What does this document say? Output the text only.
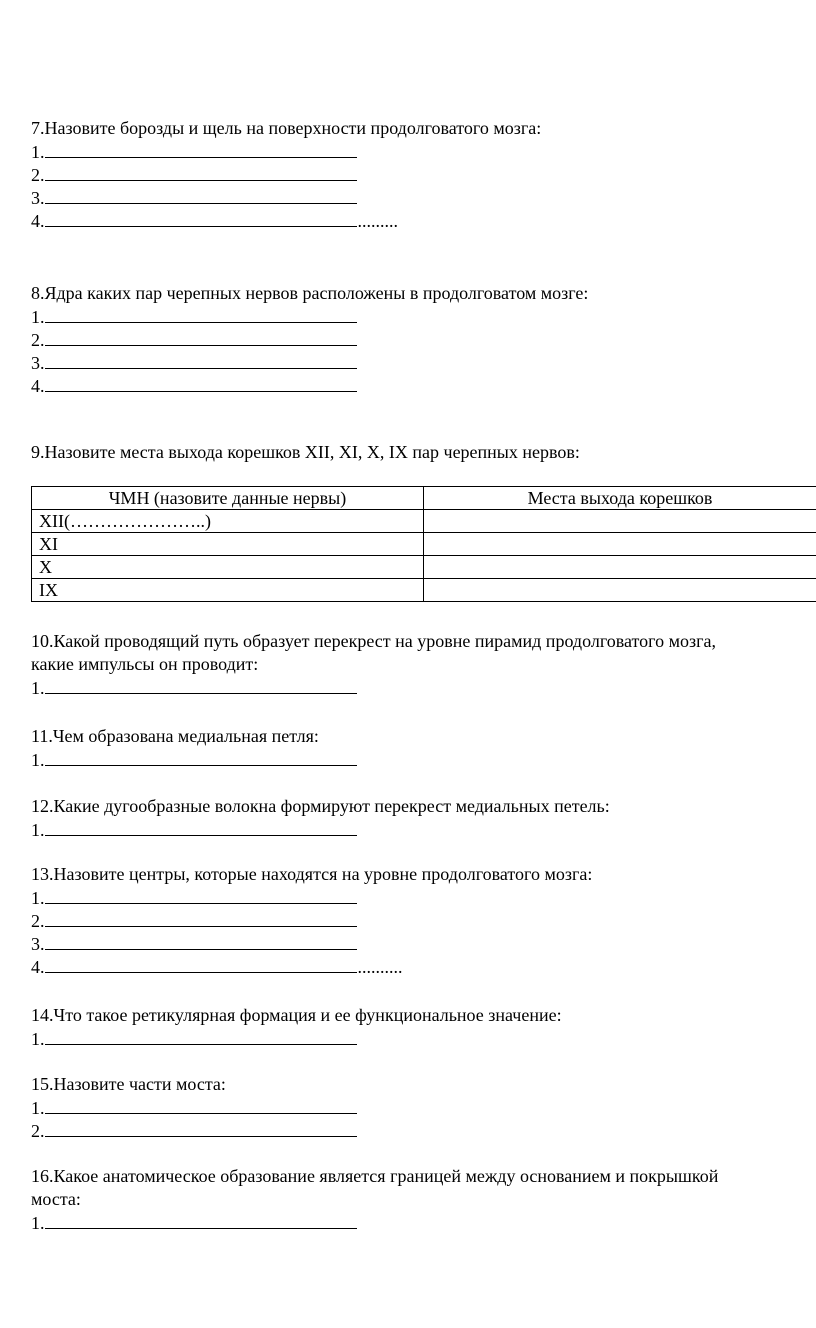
7.Назовите борозды и щель на поверхности продолговатого мозга:
1.
2.
3.
4.	.........
8.Ядра каких пар черепных нервов расположены в продолговатом мозге:
1.
2.
3.
4.
9.Назовите места выхода корешков XII, XI, X, IX пар черепных нервов:
ЧМН (назовите данные нервы)	Места выхода корешков
XII(…………………..)	
XI	
X	
IX	
10.Какой проводящий путь образует перекрест на уровне пирамид продолговатого мозга,
какие импульсы он проводит:
1.
11.Чем образована медиальная петля:
1.
12.Какие дугообразные волокна формируют перекрест медиальных петель:
1.
13.Назовите центры, которые находятся на уровне продолговатого мозга:
1.
2.
3.
4.	..........
14.Что такое ретикулярная формация и ее функциональное значение:
1.
15.Назовите части моста:
1.
2.
16.Какое анатомическое образование является границей между основанием и покрышкой
моста:
1.
